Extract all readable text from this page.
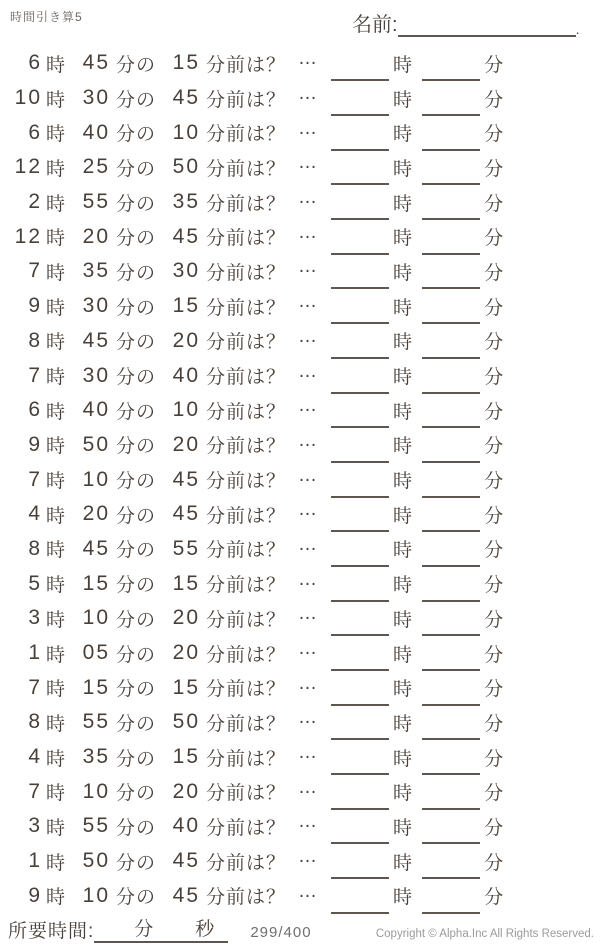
時間引き算5	名前:	.
6 時 45 分の 15 分前は？ …	時	分
10 時 30 分の 45 分前は？ …	時	分
6 時 40 分の 10 分前は？ …	時	分
12 時 25 分の 50 分前は？ …	時	分
2 時 55 分の 35 分前は？ …	時	分
12 時 20 分の 45 分前は？ …	時	分
7 時 35 分の 30 分前は？ …	時	分
9 時 30 分の 15 分前は？ …	時	分
8 時 45 分の 20 分前は？ …	時	分
7 時 30 分の 40 分前は？ …	時	分
6 時 40 分の 10 分前は？ …	時	分
9 時 50 分の 20 分前は？ …	時	分
7 時 10 分の 45 分前は？ …	時	分
4 時 20 分の 45 分前は？ …	時	分
8 時 45 分の 55 分前は？ …	時	分
5 時 15 分の 15 分前は？ …	時	分
3 時 10 分の 20 分前は？ …	時	分
1 時 05 分の 20 分前は？ …	時	分
7 時 15 分の 15 分前は？ …	時	分
8 時 55 分の 50 分前は？ …	時	分
4 時 35 分の 15 分前は？ …	時	分
7 時 10 分の 20 分前は？ …	時	分
3 時 55 分の 40 分前は？ …	時	分
1 時 50 分の 45 分前は？ …	時	分
9 時 10 分の 45 分前は？ …	時	分
所要時間: 分 秒 299/400	Copyright © Alpha.Inc All Rights Reserved.
